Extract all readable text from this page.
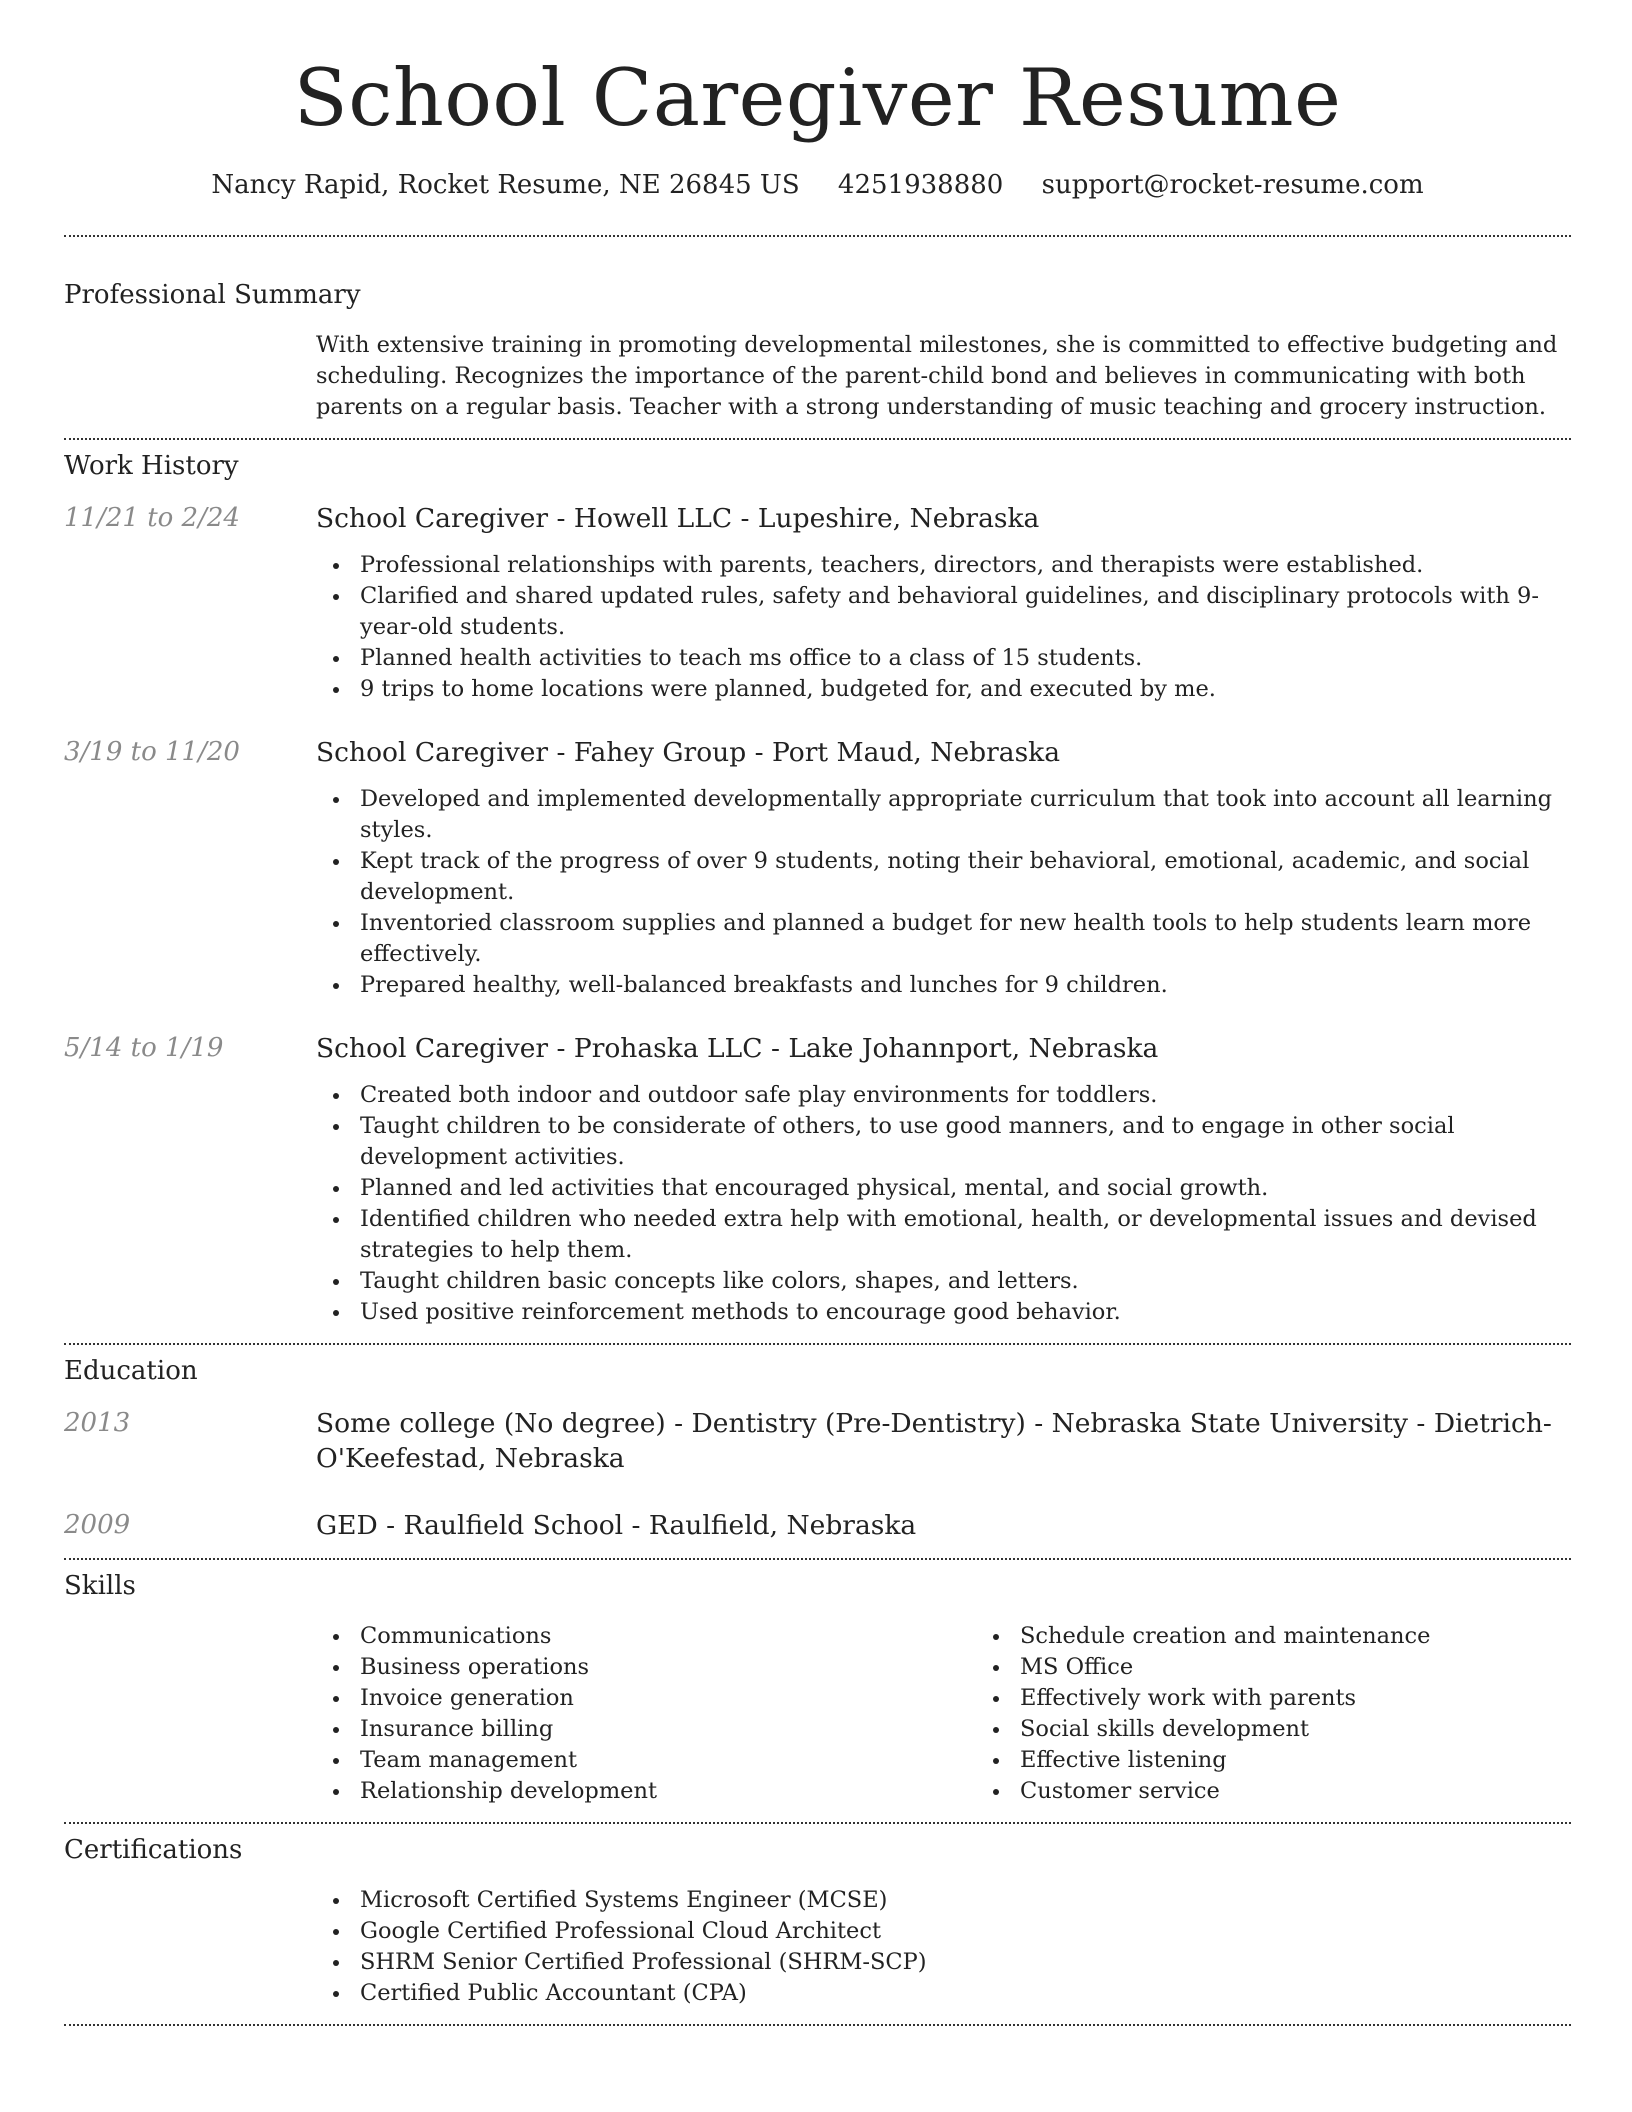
School Caregiver Resume
Nancy Rapid, Rocket Resume, NE 26845 US 4251938880 support@rocket-resume.com
Professional Summary
With extensive training in promoting developmental milestones, she is committed to effective budgeting and scheduling. Recognizes the importance of the parent-child bond and believes in communicating with both parents on a regular basis. Teacher with a strong understanding of music teaching and grocery instruction.
Work History
11/21 to 2/24	School Caregiver - Howell LLC - Lupeshire, Nebraska
Professional relationships with parents, teachers, directors, and therapists were established.
Clarified and shared updated rules, safety and behavioral guidelines, and disciplinary protocols with 9-year-old students.
Planned health activities to teach ms office to a class of 15 students.
9 trips to home locations were planned, budgeted for, and executed by me.
3/19 to 11/20	School Caregiver - Fahey Group - Port Maud, Nebraska
Developed and implemented developmentally appropriate curriculum that took into account all learning styles.
Kept track of the progress of over 9 students, noting their behavioral, emotional, academic, and social development.
Inventoried classroom supplies and planned a budget for new health tools to help students learn more effectively.
Prepared healthy, well-balanced breakfasts and lunches for 9 children.
5/14 to 1/19	School Caregiver - Prohaska LLC - Lake Johannport, Nebraska
Created both indoor and outdoor safe play environments for toddlers.
Taught children to be considerate of others, to use good manners, and to engage in other social development activities.
Planned and led activities that encouraged physical, mental, and social growth.
Identified children who needed extra help with emotional, health, or developmental issues and devised strategies to help them.
Taught children basic concepts like colors, shapes, and letters.
Used positive reinforcement methods to encourage good behavior.
Education
2013	Some college (No degree) - Dentistry (Pre-Dentistry) - Nebraska State University - Dietrich-O'Keefestad, Nebraska
2009	GED - Raulfield School - Raulfield, Nebraska
Skills
Communications
Business operations
Invoice generation
Insurance billing
Team management
Relationship development
Schedule creation and maintenance
MS Office
Effectively work with parents
Social skills development
Effective listening
Customer service
Certifications
Microsoft Certified Systems Engineer (MCSE)
Google Certified Professional Cloud Architect
SHRM Senior Certified Professional (SHRM-SCP)
Certified Public Accountant (CPA)
